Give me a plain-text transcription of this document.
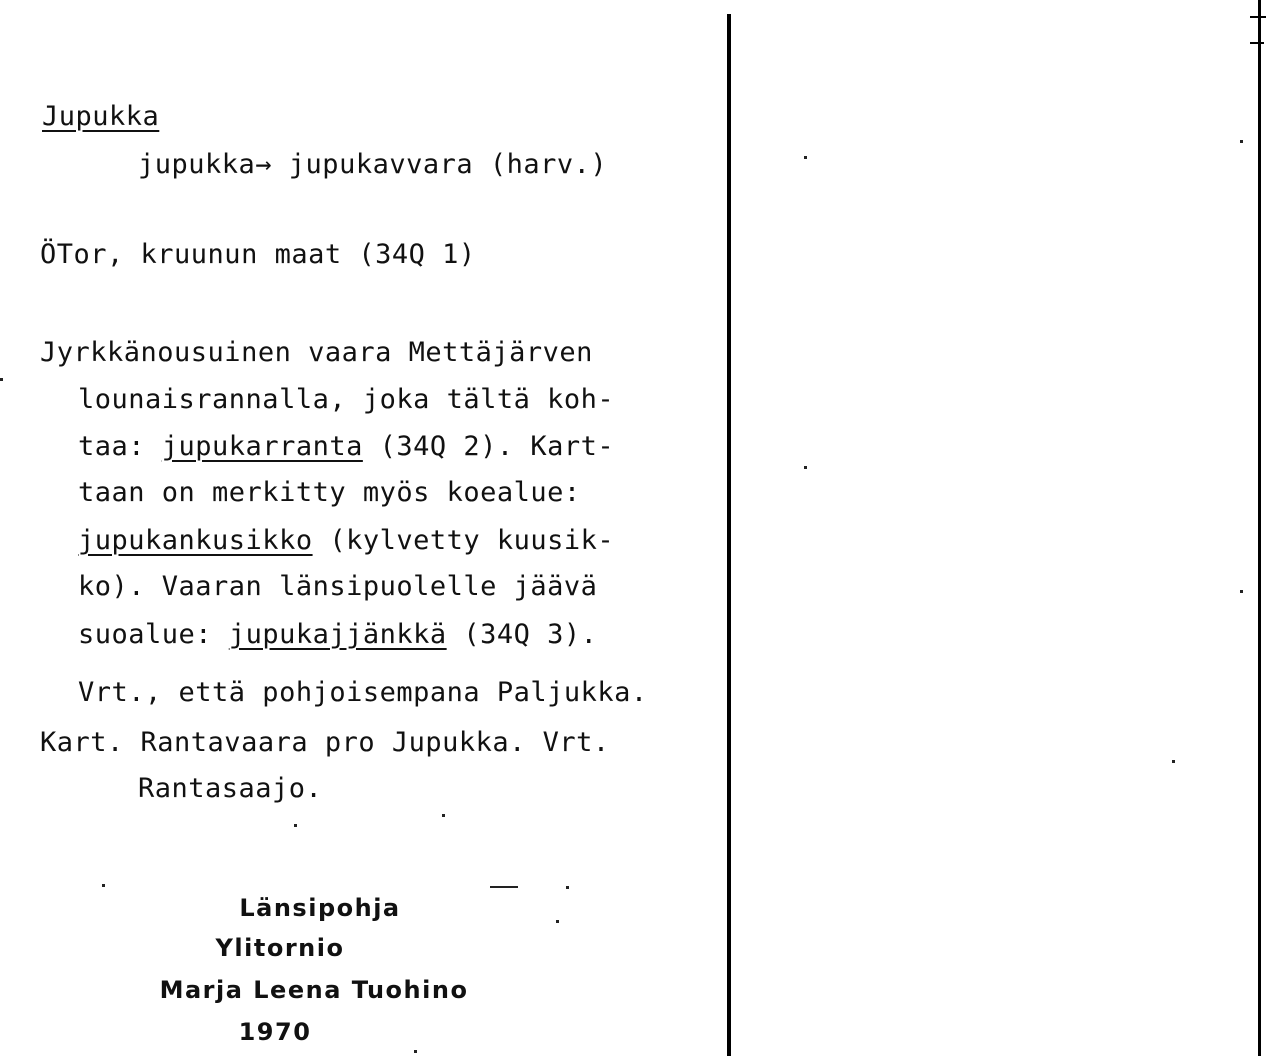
Jupukka
jupukka→ jupukavvara (harv.)
ÖTor, kruunun maat (34Q 1)
Jyrkkänousuinen vaara Mettäjärven
lounaisrannalla, joka tältä koh-
taa: jupukarranta (34Q 2). Kart-
taan on merkitty myös koealue:
jupukankusikko (kylvetty kuusik-
ko). Vaaran länsipuolelle jäävä
suoalue: jupukajjänkkä (34Q 3).
Vrt., että pohjoisempana Paljukka.
Kart. Rantavaara pro Jupukka. Vrt.
Rantasaajo.
Länsipohja
Ylitornio
Marja Leena Tuohino
1970
